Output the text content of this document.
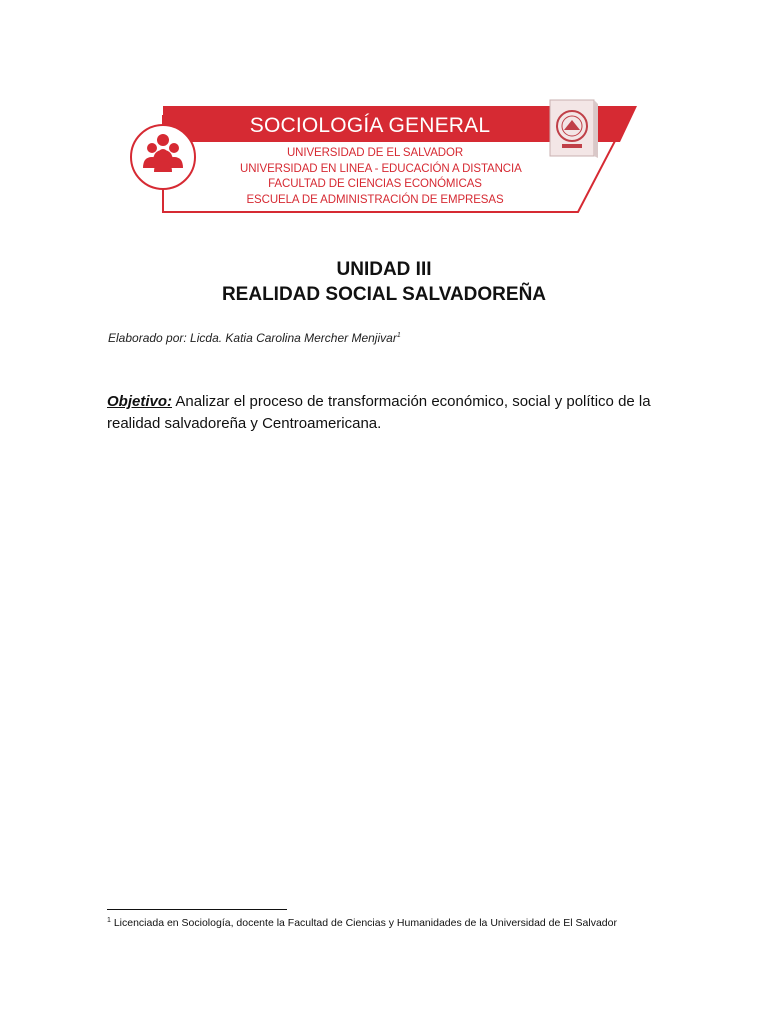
SOCIOLOGÍA GENERAL
UNIVERSIDAD DE EL SALVADOR
UNIVERSIDAD EN LINEA - EDUCACIÓN A DISTANCIA
FACULTAD DE CIENCIAS ECONÓMICAS
ESCUELA DE ADMINISTRACIÓN DE EMPRESAS
UNIDAD III
REALIDAD SOCIAL SALVADOREÑA
Elaborado por: Licda. Katia Carolina Mercher Menjivar$^1$
Objetivo: Analizar el proceso de transformación económico, social y político de la realidad salvadoreña y Centroamericana.
$^1$ Licenciada en Sociología, docente la Facultad de Ciencias y Humanidades de la Universidad de El Salvador
